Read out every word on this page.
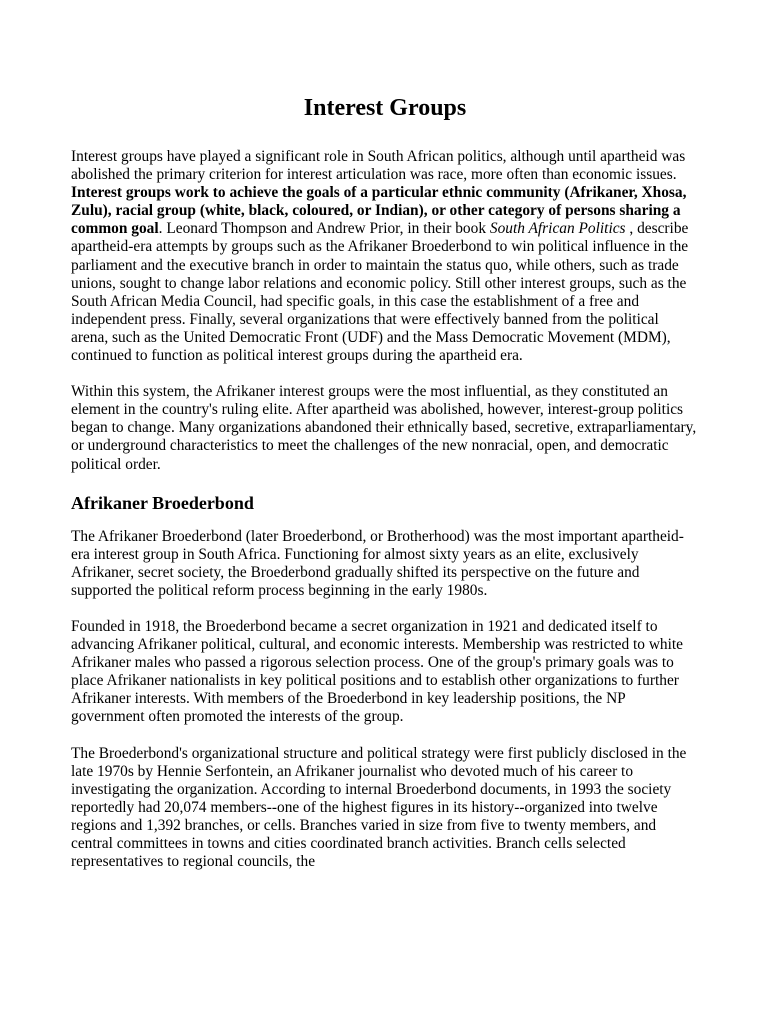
Interest Groups

Interest groups have played a significant role in South African politics, although until apartheid was abolished the primary criterion for interest articulation was race, more often than economic issues. Interest groups work to achieve the goals of a particular ethnic community (Afrikaner, Xhosa, Zulu), racial group (white, black, coloured, or Indian), or other category of persons sharing a common goal. Leonard Thompson and Andrew Prior, in their book South African Politics , describe apartheid-era attempts by groups such as the Afrikaner Broederbond to win political influence in the parliament and the executive branch in order to maintain the status quo, while others, such as trade unions, sought to change labor relations and economic policy. Still other interest groups, such as the South African Media Council, had specific goals, in this case the establishment of a free and independent press. Finally, several organizations that were effectively banned from the political arena, such as the United Democratic Front (UDF) and the Mass Democratic Movement (MDM), continued to function as political interest groups during the apartheid era.

Within this system, the Afrikaner interest groups were the most influential, as they constituted an element in the country's ruling elite. After apartheid was abolished, however, interest-group politics began to change. Many organizations abandoned their ethnically based, secretive, extraparliamentary, or underground characteristics to meet the challenges of the new nonracial, open, and democratic political order.

Afrikaner Broederbond

The Afrikaner Broederbond (later Broederbond, or Brotherhood) was the most important apartheid-era interest group in South Africa. Functioning for almost sixty years as an elite, exclusively Afrikaner, secret society, the Broederbond gradually shifted its perspective on the future and supported the political reform process beginning in the early 1980s.

Founded in 1918, the Broederbond became a secret organization in 1921 and dedicated itself to advancing Afrikaner political, cultural, and economic interests. Membership was restricted to white Afrikaner males who passed a rigorous selection process. One of the group's primary goals was to place Afrikaner nationalists in key political positions and to establish other organizations to further Afrikaner interests. With members of the Broederbond in key leadership positions, the NP government often promoted the interests of the group.

The Broederbond's organizational structure and political strategy were first publicly disclosed in the late 1970s by Hennie Serfontein, an Afrikaner journalist who devoted much of his career to investigating the organization. According to internal Broederbond documents, in 1993 the society reportedly had 20,074 members--one of the highest figures in its history--organized into twelve regions and 1,392 branches, or cells. Branches varied in size from five to twenty members, and central committees in towns and cities coordinated branch activities. Branch cells selected representatives to regional councils, the
